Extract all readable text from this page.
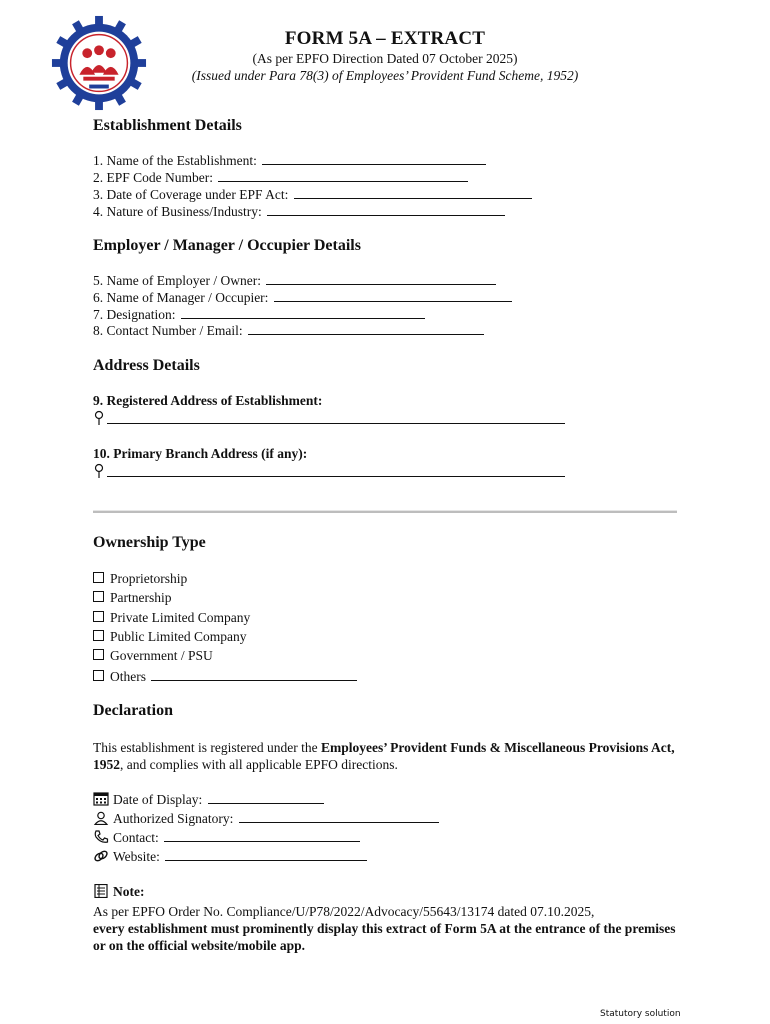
FORM 5A – EXTRACT
(As per EPFO Direction Dated 07 October 2025)
(Issued under Para 78(3) of Employees’ Provident Fund Scheme, 1952)
Establishment Details
1. Name of the Establishment:
2. EPF Code Number:
3. Date of Coverage under EPF Act:
4. Nature of Business/Industry:
Employer / Manager / Occupier Details
5. Name of Employer / Owner:
6. Name of Manager / Occupier:
7. Designation:
8. Contact Number / Email:
Address Details
9. Registered Address of Establishment:
10. Primary Branch Address (if any):
Ownership Type
Proprietorship
Partnership
Private Limited Company
Public Limited Company
Government / PSU
Others
Declaration
This establishment is registered under the Employees’ Provident Funds & Miscellaneous Provisions Act, 1952, and complies with all applicable EPFO directions.
Date of Display:
Authorized Signatory:
Contact:
Website:
Note:
As per EPFO Order No. Compliance/U/P78/2022/Advocacy/55643/13174 dated 07.10.2025,
every establishment must prominently display this extract of Form 5A at the entrance of the premises or on the official website/mobile app.
Statutory solution
